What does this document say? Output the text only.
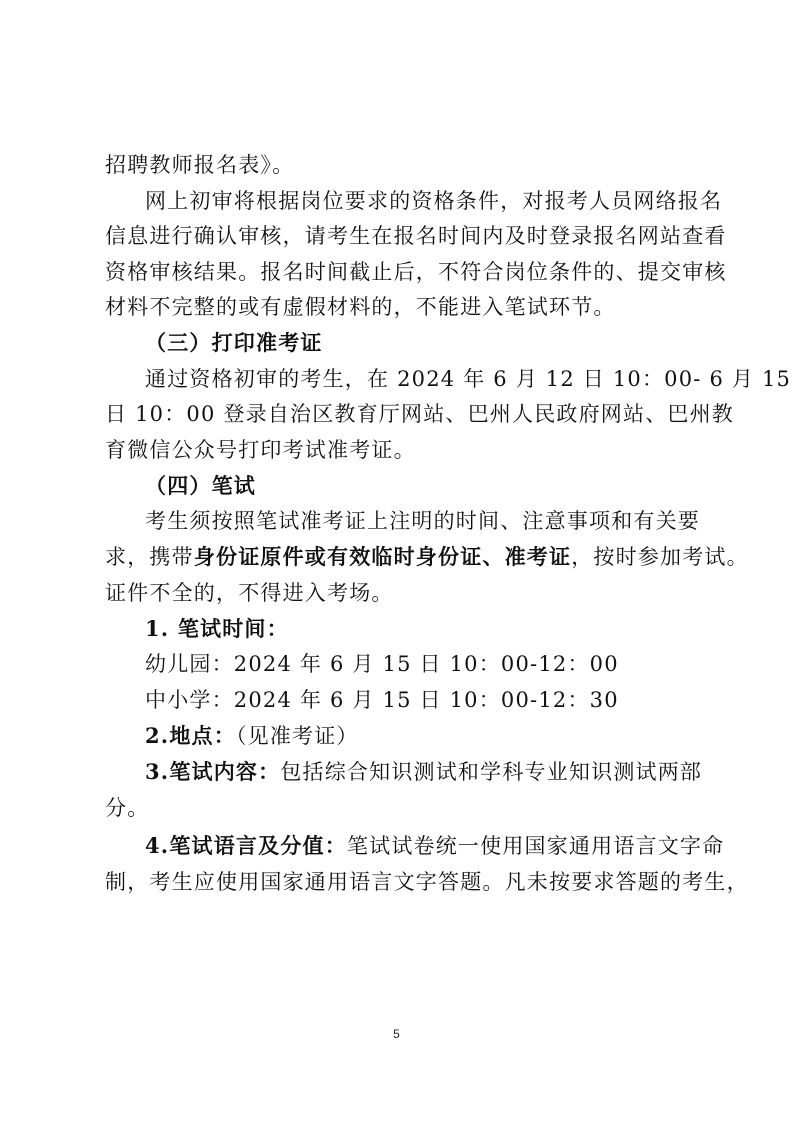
招聘教师报名表》。
网上初审将根据岗位要求的资格条件，对报考人员网络报名
信息进行确认审核，请考生在报名时间内及时登录报名网站查看
资格审核结果。报名时间截止后，不符合岗位条件的、提交审核
材料不完整的或有虚假材料的，不能进入笔试环节。
（三）打印准考证
通过资格初审的考生，在 2024 年 6 月 12 日 10：00- 6 月 15
日 10：00 登录自治区教育厅网站、巴州人民政府网站、巴州教
育微信公众号打印考试准考证。
（四）笔试
考生须按照笔试准考证上注明的时间、注意事项和有关要
求，携带身份证原件或有效临时身份证、准考证，按时参加考试。
证件不全的，不得进入考场。
1. 笔试时间：
幼儿园：2024 年 6 月 15 日 10：00-12：00
中小学：2024 年 6 月 15 日 10：00-12：30
2.地点：（见准考证）
3.笔试内容：包括综合知识测试和学科专业知识测试两部
分。
4.笔试语言及分值：笔试试卷统一使用国家通用语言文字命
制，考生应使用国家通用语言文字答题。凡未按要求答题的考生，
5
